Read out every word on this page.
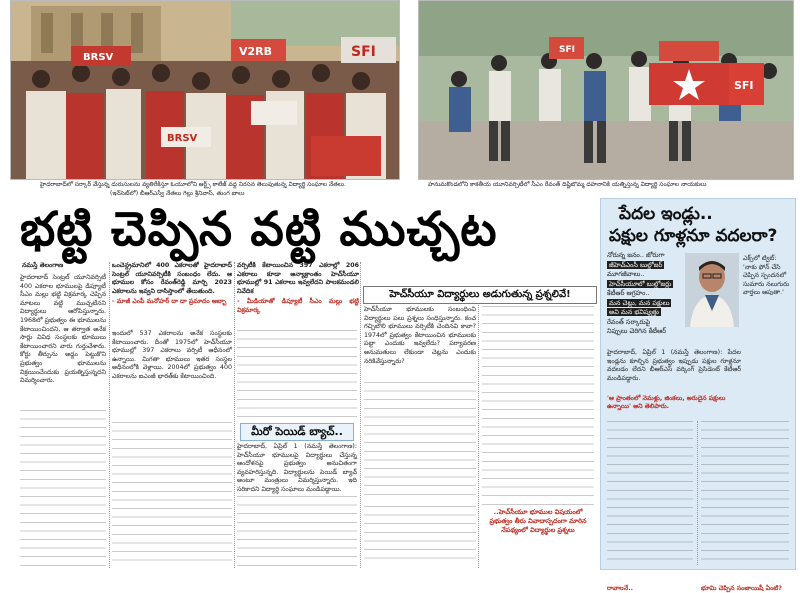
BRSV	SFI
BRSV
V2RB
హైదరాబాద్‌లో సర్కార్ వేస్తున్న దురుసులను వ్యతిరేకిస్తూ ఓయూలోని ఆర్ట్స్ కాలేజ్ వద్ద నిరసన తెలుపుతున్న విద్యార్థి సంఘాల నేతలు.
(ఇన్‌సెట్‌లో) బీఆర్‌ఎస్వీ నేతలు గెల్లు శ్రీనివాస్, తుంగ బాలు
SFI
SFI
హనుమకొండలోని కాకతీయ యూనివర్సిటీలో సీఎం రేవంత్ దిష్టిబొమ్మ దహనానికి యత్నిస్తున్న విద్యార్థి సంఘాల నాయకులు
భట్టి చెప్పిన వట్టి ముచ్చట	పేదల ఇండ్లు..
పక్షుల గూళ్లనూ వదలరా?
నోరున్న జనం.. జోరుగా
జీహెచ్‌ఎంసీ బుల్డోజర్
మూగజీవాలు..
హెచ్‌సీయూలో బుల్డోజర్లు
కేటీఆర్ ఆగ్రహం..
మన చెట్లు, మన పక్షులు
అవి మన భవిష్యత్తు
రేవంత్ సర్కారుపై
నిప్పులు చెరిగిన కేటీఆర్
ఎక్స్‌లో ట్విట్: 'నాకు ఫోన్‌ చేసి చెప్పిన స్పందనలో సుమారు నలుగురు వార్తలు ఆపుతా.'
హైదరాబాద్, ఏప్రిల్ 1 (నమస్తే తెలంగాణ): పేదల ఇండ్లను కూల్చిన ప్రభుత్వం ఇప్పుడు పక్షుల గూళ్లనూ వదలడం లేదని బీఆర్‌ఎస్ వర్కింగ్ ప్రెసిడెంట్ కేటీఆర్ మండిపడ్డారు.
'ఆ ప్రాంతంలో నెమళ్లు, జింకలు, అరుదైన పక్షులు ఉన్నాయి' అని తెలిపారు.
రావాలనే..	భూమి చెప్పిన సంజాయిషీ ఏంటి?
నమస్తే తెలంగాణ	ఒంచెన్ద్రమానిలో 400 ఎకరాలతో హైదరాబాద్ సెంట్రల్ యూనివర్సిటీకి సంబంధం లేదు. ఆ భూముల కోసం రేవంత్‌రెడ్డి మార్చి 2023 ఎకరాలను ఇవ్వని దాసిస్తాంలో తేలుతుంది.
- మాజీ ఎంపీ మనోహర్ దా దా ప్రమాదం అబ్బా
వర్సిటీకి కేటాయించిన 397 ఎకరాల్లో 206 ఎకరాలు కూడా అన్యాక్రాంతం హెచ్‌సీయూ భూముల్లో 91 ఎకరాలు ఇవ్వలేదని పాలకమండలి నివేదిక
- మీడియాతో డిప్యూటీ సీఎం మల్లు భట్టి విక్రమార్క
హెచ్‌సీయూ విద్యార్థులు అడుగుతున్న ప్రశ్నలివే!

హైదరాబాద్ సెంట్రల్ యూనివర్సిటీ 400 ఎకరాల భూములపై డిప్యూటీ సీఎం మల్లు భట్టి విక్రమార్క చెప్పిన మాటలు వట్టి ముచ్చటేనని విద్యార్థులు ఆరోపిస్తున్నారు. 1968లో ప్రభుత్వం ఈ భూములను కేటాయించిందని, ఆ తర్వాత అనేక సార్లు వివిధ సంస్థలకు భూములు కేటాయించారని వారు గుర్తుచేశారు. కోర్టు తీర్పును అడ్డం పెట్టుకొని ప్రభుత్వం భూములను విక్రయించేందుకు ప్రయత్నిస్తున్నదని విమర్శించారు.

ఇందులో 537 ఎకరాలను అనేక సంస్థలకు కేటాయించారు. దీంతో 1975లో హెచ్‌సీయూ భూముల్లో 397 ఎకరాలు వర్సిటీ ఆధీనంలో ఉన్నాయి. మిగతా భూములు ఇతర సంస్థల అధీనంలోకి వెళ్లాయి. 2004లో ప్రభుత్వం 400 ఎకరాలను ఐఎంజీ భారత్‌కు కేటాయించింది.

మీరో పెయిడ్ బ్యాచ్..

హైదరాబాద్, ఏప్రిల్ 1 (నమస్తే తెలంగాణ): హెచ్‌సీయూ భూములపై విద్యార్థులు చేస్తున్న ఆందోళనపై ప్రభుత్వం అనుచితంగా వ్యవహరిస్తున్నది. విద్యార్థులను పెయిడ్ బ్యాచ్ అంటూ మంత్రులు విమర్శిస్తున్నారు. ఇది సరికాదని విద్యార్థి సంఘాలు మండిపడ్డాయి.

హెచ్‌సీయూ భూములకు సంబంధించి విద్యార్థులు పలు ప్రశ్నలు సంధిస్తున్నారు. కంచ గచ్చిబౌలి భూములు వర్సిటీకి చెందినవి కావా? 1974లో ప్రభుత్వం కేటాయించిన భూములకు పట్టా ఎందుకు ఇవ్వలేదు? పర్యావరణ అనుమతులు లేకుండా చెట్లను ఎందుకు నరికివేస్తున్నారు?

..హెచ్‌సీయూ భూముల విషయంలో ప్రభుత్వం తీరు వివాదాస్పదంగా మారిన నేపథ్యంలో విద్యార్థుల ప్రశ్నలు
